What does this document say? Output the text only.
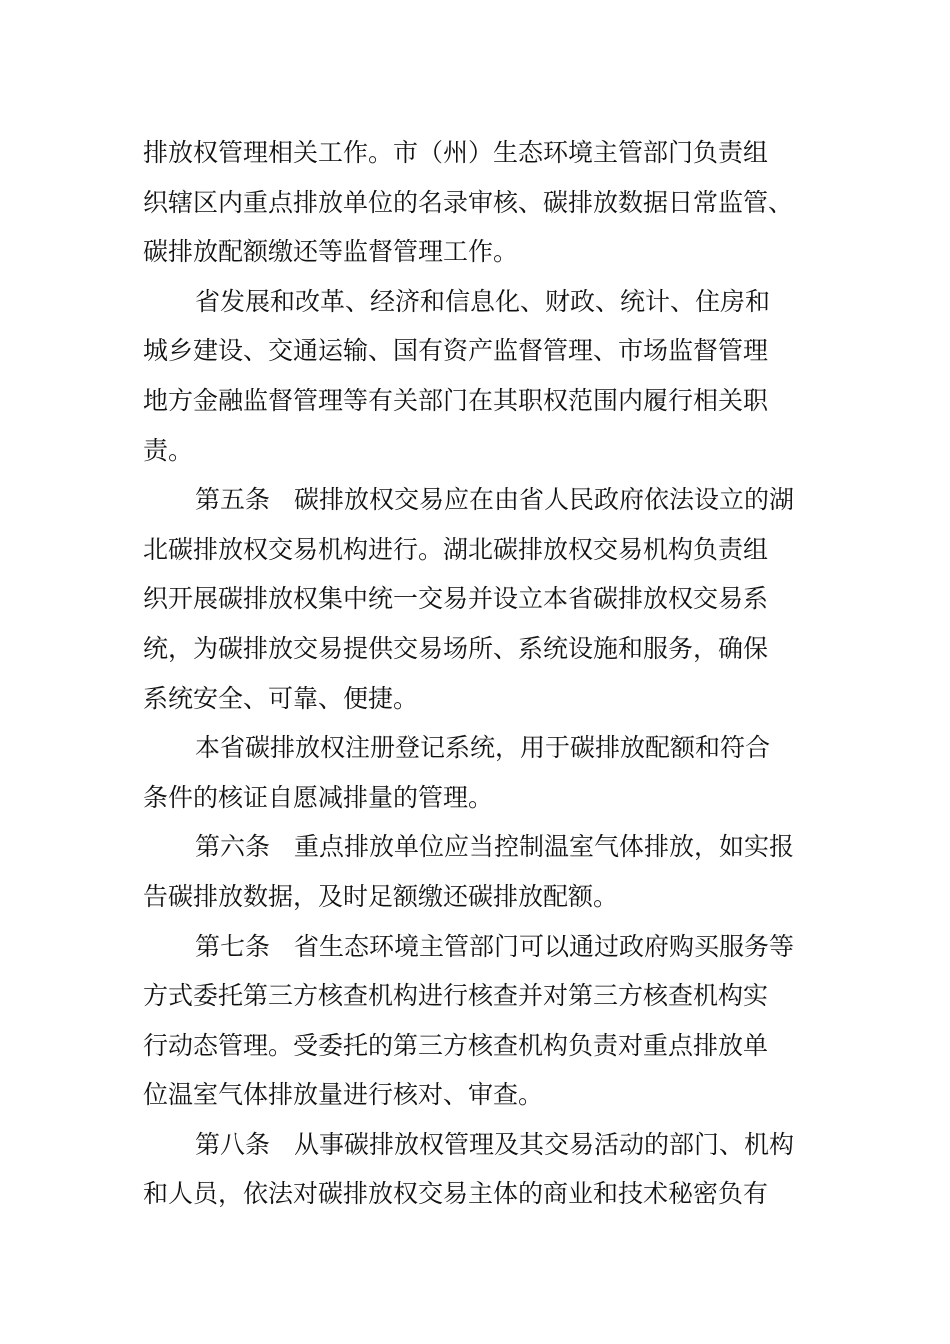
排放权管理相关工作。市（州）生态环境主管部门负责组
织辖区内重点排放单位的名录审核、碳排放数据日常监管、
碳排放配额缴还等监督管理工作。
省发展和改革、经济和信息化、财政、统计、住房和
城乡建设、交通运输、国有资产监督管理、市场监督管理
地方金融监督管理等有关部门在其职权范围内履行相关职
责。
第五条 碳排放权交易应在由省人民政府依法设立的湖
北碳排放权交易机构进行。湖北碳排放权交易机构负责组
织开展碳排放权集中统一交易并设立本省碳排放权交易系
统，为碳排放交易提供交易场所、系统设施和服务，确保
系统安全、可靠、便捷。
本省碳排放权注册登记系统，用于碳排放配额和符合
条件的核证自愿减排量的管理。
第六条 重点排放单位应当控制温室气体排放，如实报
告碳排放数据，及时足额缴还碳排放配额。
第七条 省生态环境主管部门可以通过政府购买服务等
方式委托第三方核查机构进行核查并对第三方核查机构实
行动态管理。受委托的第三方核查机构负责对重点排放单
位温室气体排放量进行核对、审查。
第八条 从事碳排放权管理及其交易活动的部门、机构
和人员，依法对碳排放权交易主体的商业和技术秘密负有
